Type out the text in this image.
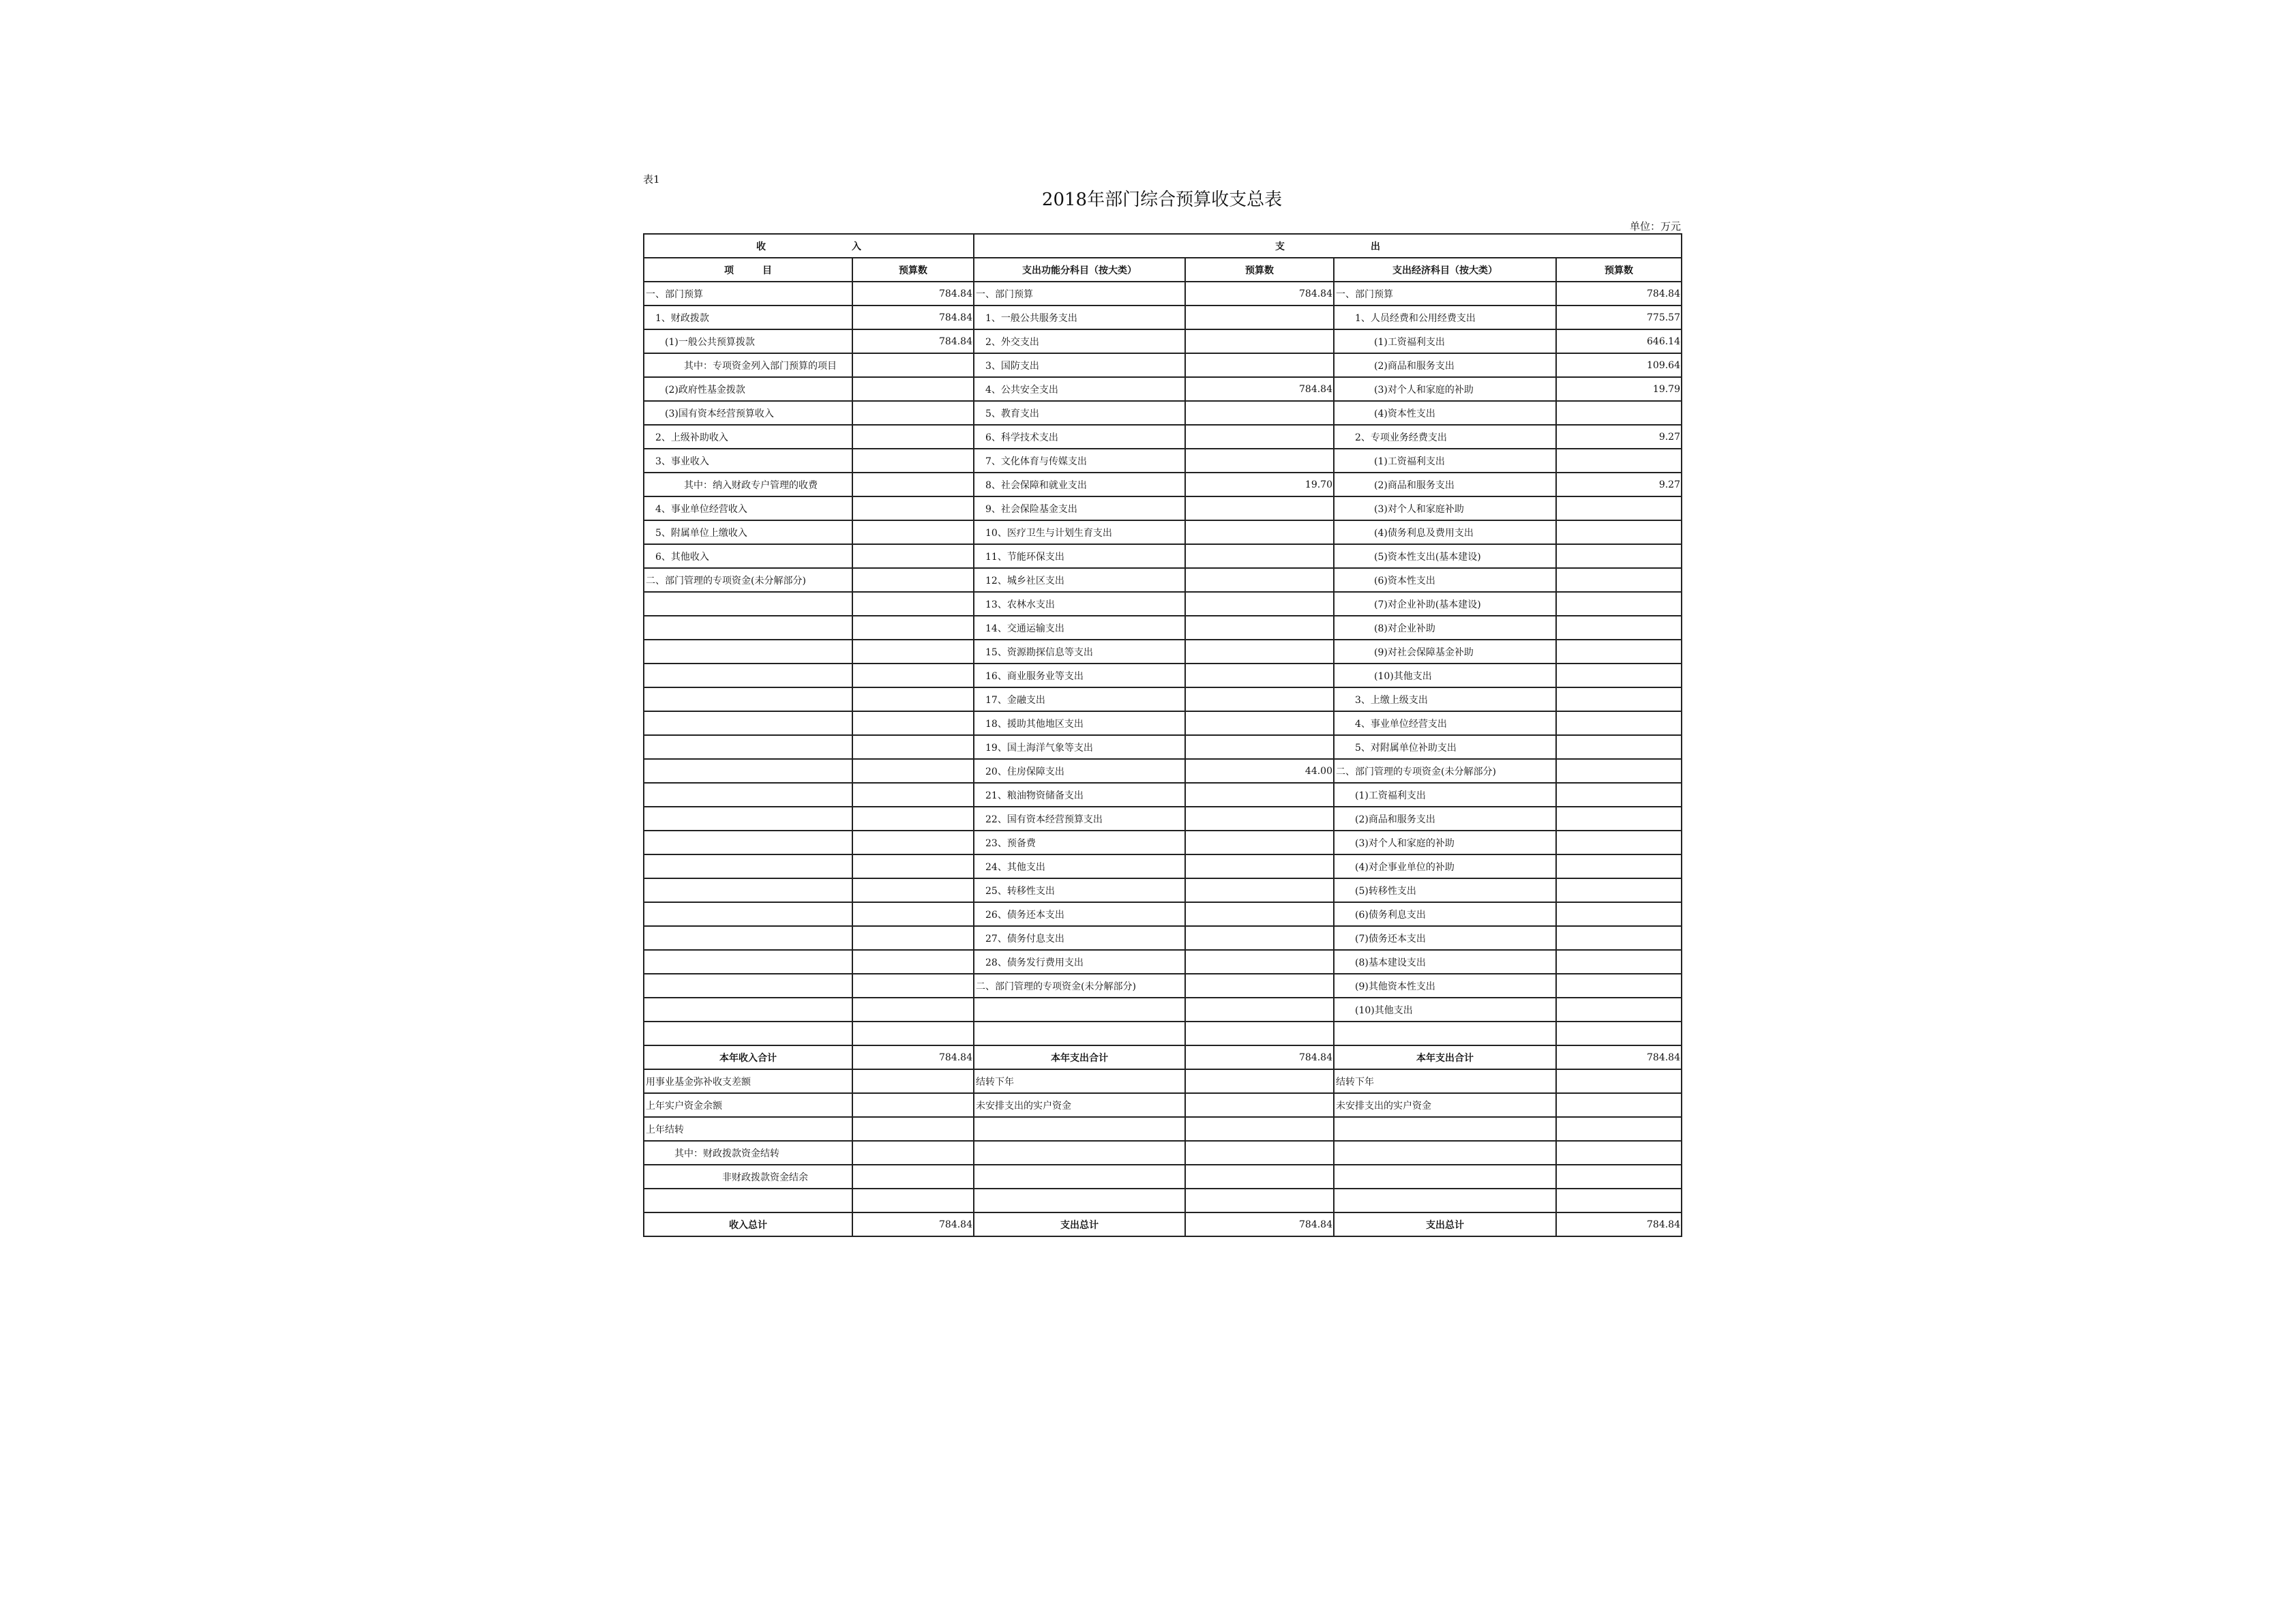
表1
2018年部门综合预算收支总表
单位：万元
收　　　　　　　　　入		支　　　　　　　　　出			
项　　　目	预算数	支出功能分科目（按大类）	预算数	支出经济科目（按大类）	预算数
一、部门预算	784.84	一、部门预算	784.84	一、部门预算	784.84
　1、财政拨款	784.84	　1、一般公共服务支出		　　1、人员经费和公用经费支出	775.57
　　(1)一般公共预算拨款	784.84	　2、外交支出		　　　　(1)工资福利支出	646.14
　　　　其中：专项资金列入部门预算的项目		　3、国防支出		　　　　(2)商品和服务支出	109.64
　　(2)政府性基金拨款		　4、公共安全支出	784.84	　　　　(3)对个人和家庭的补助	19.79
　　(3)国有资本经营预算收入		　5、教育支出		　　　　(4)资本性支出	
　2、上级补助收入		　6、科学技术支出		　　2、专项业务经费支出	9.27
　3、事业收入		　7、文化体育与传媒支出		　　　　(1)工资福利支出	
　　　　其中：纳入财政专户管理的收费		　8、社会保障和就业支出	19.70	　　　　(2)商品和服务支出	9.27
　4、事业单位经营收入		　9、社会保险基金支出		　　　　(3)对个人和家庭补助	
　5、附属单位上缴收入		　10、医疗卫生与计划生育支出		　　　　(4)债务利息及费用支出	
　6、其他收入		　11、节能环保支出		　　　　(5)资本性支出(基本建设)	
二、部门管理的专项资金(未分解部分)		　12、城乡社区支出		　　　　(6)资本性支出	
		　13、农林水支出		　　　　(7)对企业补助(基本建设)	
		　14、交通运输支出		　　　　(8)对企业补助	
		　15、资源勘探信息等支出		　　　　(9)对社会保障基金补助	
		　16、商业服务业等支出		　　　　(10)其他支出	
		　17、金融支出		　　3、上缴上级支出	
		　18、援助其他地区支出		　　4、事业单位经营支出	
		　19、国土海洋气象等支出		　　5、对附属单位补助支出	
		　20、住房保障支出	44.00	二、部门管理的专项资金(未分解部分)	
		　21、粮油物资储备支出		　　(1)工资福利支出	
		　22、国有资本经营预算支出		　　(2)商品和服务支出	
		　23、预备费		　　(3)对个人和家庭的补助	
		　24、其他支出		　　(4)对企事业单位的补助	
		　25、转移性支出		　　(5)转移性支出	
		　26、债务还本支出		　　(6)债务利息支出	
		　27、债务付息支出		　　(7)债务还本支出	
		　28、债务发行费用支出		　　(8)基本建设支出	
		二、部门管理的专项资金(未分解部分)		　　(9)其他资本性支出	
				　　(10)其他支出	

本年收入合计	784.84	本年支出合计	784.84	本年支出合计	784.84
用事业基金弥补收支差额		结转下年		结转下年	
上年实户资金余额		未安排支出的实户资金		未安排支出的实户资金	
上年结转					
　　　其中：财政拨款资金结转					
　　　　　　　　非财政拨款资金结余					

收入总计	784.84	支出总计	784.84	支出总计	784.84
